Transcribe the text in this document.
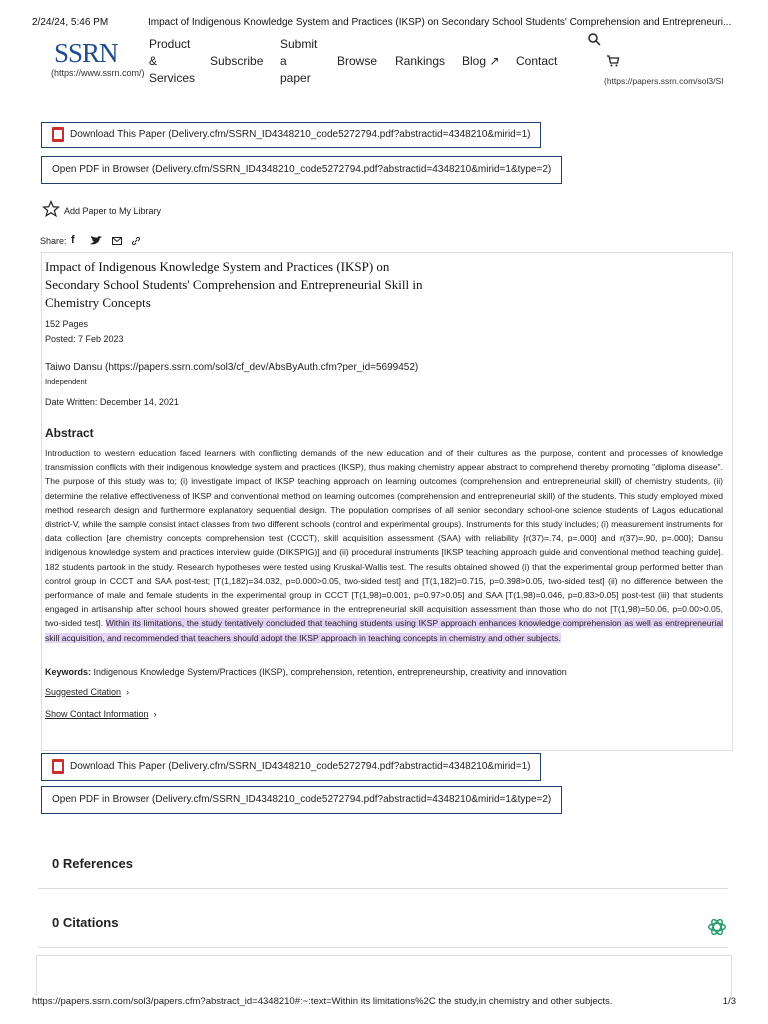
2/24/24, 5:46 PM	Impact of Indigenous Knowledge System and Practices (IKSP) on Secondary School Students' Comprehension and Entrepreneuri...
SSRN
(https://www.ssrn.com/)
Product
&
Services
Subscribe
Submit
a
paper
Browse Rankings Blog ↗ Contact
(https://papers.ssrn.com/sol3/SI
Download This Paper (Delivery.cfm/SSRN_ID4348210_code5272794.pdf?abstractid=4348210&mirid=1)
Open PDF in Browser (Delivery.cfm/SSRN_ID4348210_code5272794.pdf?abstractid=4348210&mirid=1&type=2)
Add Paper to My Library
Share: f
Impact of Indigenous Knowledge System and Practices (IKSP) on
Secondary School Students' Comprehension and Entrepreneurial Skill in
Chemistry Concepts
152 Pages
Posted: 7 Feb 2023
Taiwo Dansu (https://papers.ssrn.com/sol3/cf_dev/AbsByAuth.cfm?per_id=5699452)
Independent
Date Written: December 14, 2021
Abstract
Introduction to western education faced learners with conflicting demands of the new education and of their cultures as the purpose, content and processes of knowledge transmission conflicts with their indigenous knowledge system and practices (IKSP), thus making chemistry appear abstract to comprehend thereby promoting "diploma disease". The purpose of this study was to; (i) investigate impact of IKSP teaching approach on learning outcomes (comprehension and entrepreneurial skill) of chemistry students, (ii) determine the relative effectiveness of IKSP and conventional method on learning outcomes (comprehension and entrepreneurial skill) of the students. This study employed mixed method research design and furthermore explanatory sequential design. The population comprises of all senior secondary school-one science students of Lagos educational district-V, while the sample consist intact classes from two different schools (control and experimental groups). Instruments for this study includes; (i) measurement instruments for data collection [are chemistry concepts comprehension test (CCCT), skill acquisition assessment (SAA) with reliability {r(37)=.74, p=.000] and r(37)=.90, p=.000}; Dansu indigenous knowledge system and practices interview guide (DIKSPIG)] and (ii) procedural instruments [IKSP teaching approach guide and conventional method teaching guide]. 182 students partook in the study. Research hypotheses were tested using Kruskal-Wallis test. The results obtained showed (i) that the experimental group performed better than control group in CCCT and SAA post-test; [T(1,182)=34.032, p=0.000>0.05, two-sided test] and [T(1,182)=0.715, p=0.398>0.05, two-sided test] (ii) no difference between the performance of male and female students in the experimental group in CCCT [T(1,98)=0.001, p=0.97>0.05] and SAA [T(1,98)=0.046, p=0.83>0.05] post-test (iii) that students engaged in artisanship after school hours showed greater performance in the entrepreneurial skill acquisition assessment than those who do not [T(1,98)=50.06, p=0.00>0.05, two-sided test]. Within its limitations, the study tentatively concluded that teaching students using IKSP approach enhances knowledge comprehension as well as entrepreneurial skill acquisition, and recommended that teachers should adopt the IKSP approach in teaching concepts in chemistry and other subjects.
Keywords: Indigenous Knowledge System/Practices (IKSP), comprehension, retention, entrepreneurship, creativity and innovation
Suggested Citation  ›
Show Contact Information  ›
Download This Paper (Delivery.cfm/SSRN_ID4348210_code5272794.pdf?abstractid=4348210&mirid=1)
Open PDF in Browser (Delivery.cfm/SSRN_ID4348210_code5272794.pdf?abstractid=4348210&mirid=1&type=2)
0 References
0 Citations
https://papers.ssrn.com/sol3/papers.cfm?abstract_id=4348210#:~:text=Within its limitations%2C the study,in chemistry and other subjects.	1/3
